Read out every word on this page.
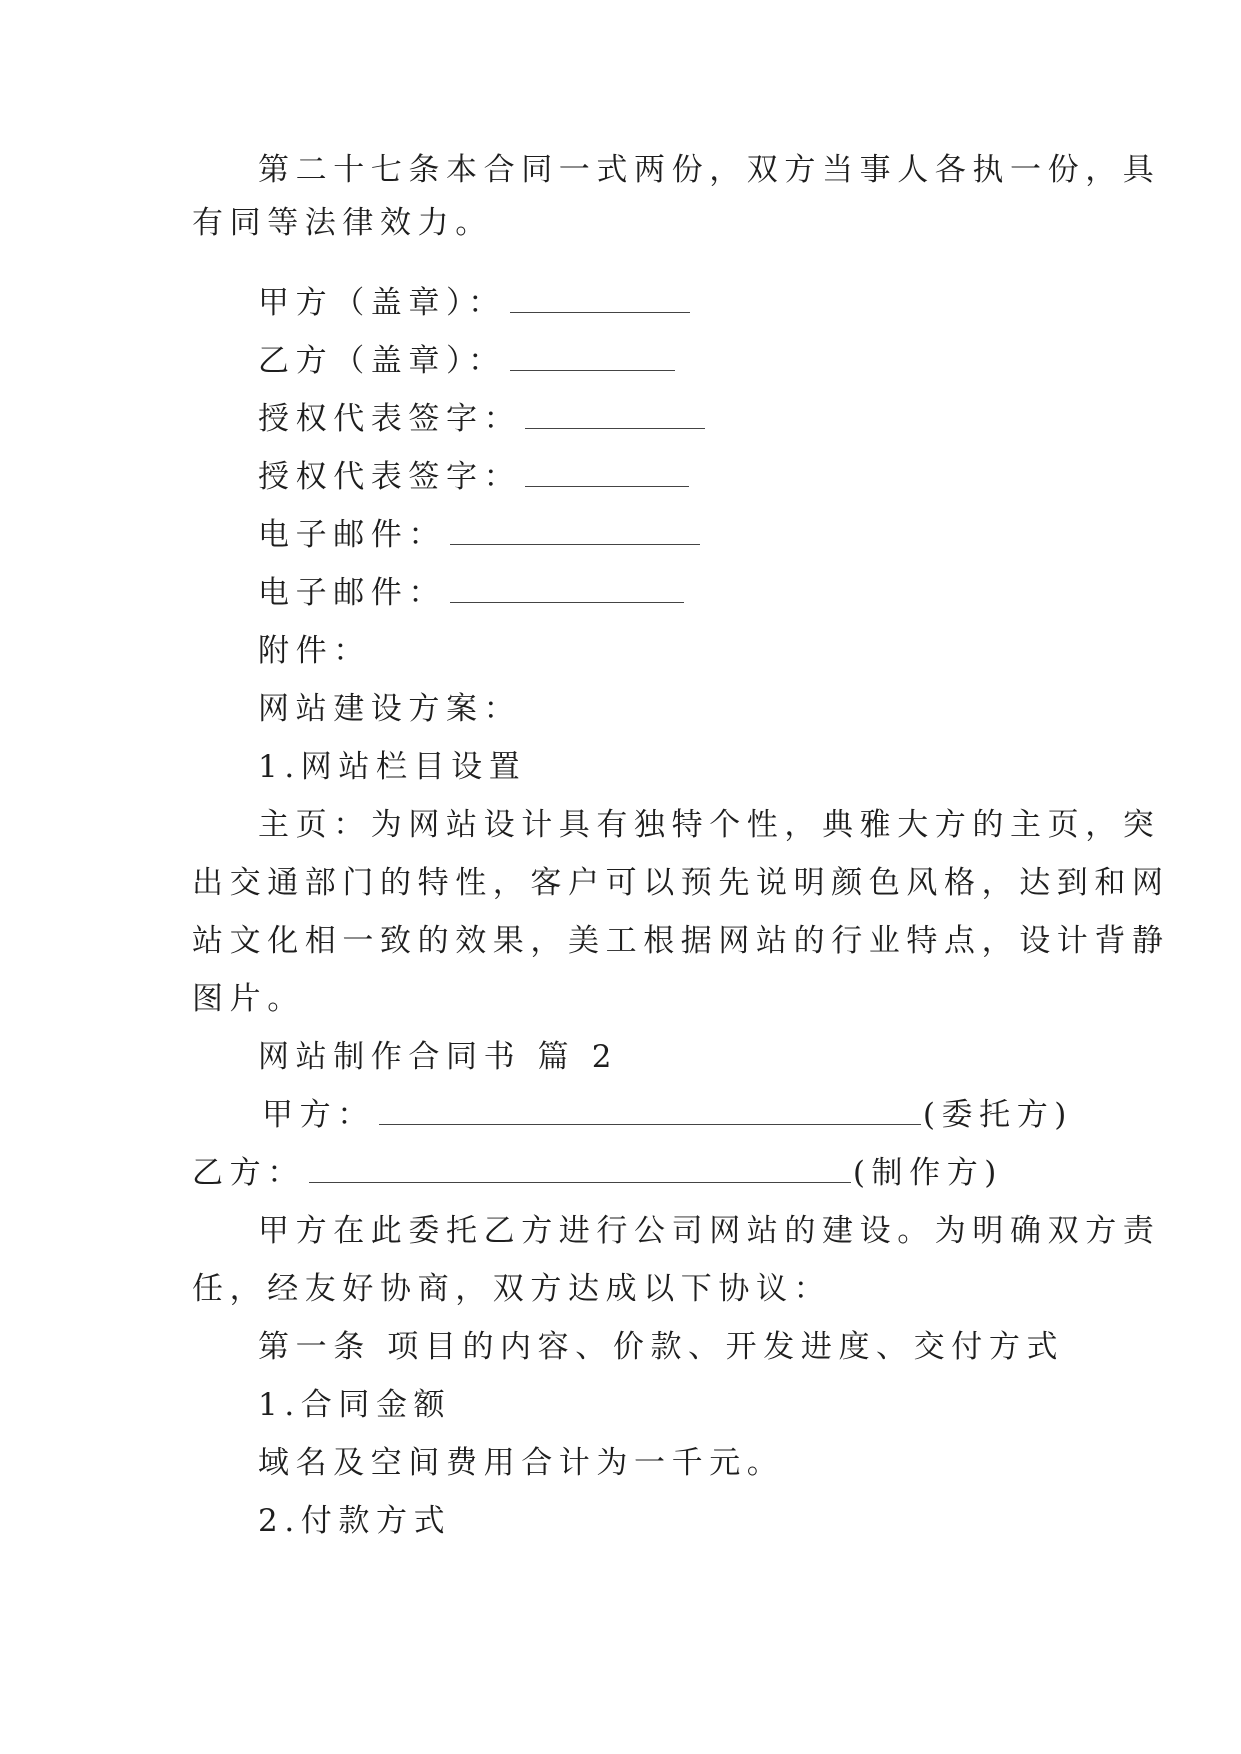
第二十七条本合同一式两份，双方当事人各执一份，具
有同等法律效力。
甲方（盖章）：
乙方（盖章）：
授权代表签字：
授权代表签字：
电子邮件：
电子邮件：
附件：
网站建设方案：
1.网站栏目设置
主页：为网站设计具有独特个性，典雅大方的主页，突
出交通部门的特性，客户可以预先说明颜色风格，达到和网
站文化相一致的效果，美工根据网站的行业特点，设计背静
图片。
网站制作合同书 篇 2
甲方：	(委托方)
乙方：	(制作方)
甲方在此委托乙方进行公司网站的建设。为明确双方责
任，经友好协商，双方达成以下协议：
第一条 项目的内容、价款、开发进度、交付方式
1.合同金额
域名及空间费用合计为一千元。
2.付款方式
